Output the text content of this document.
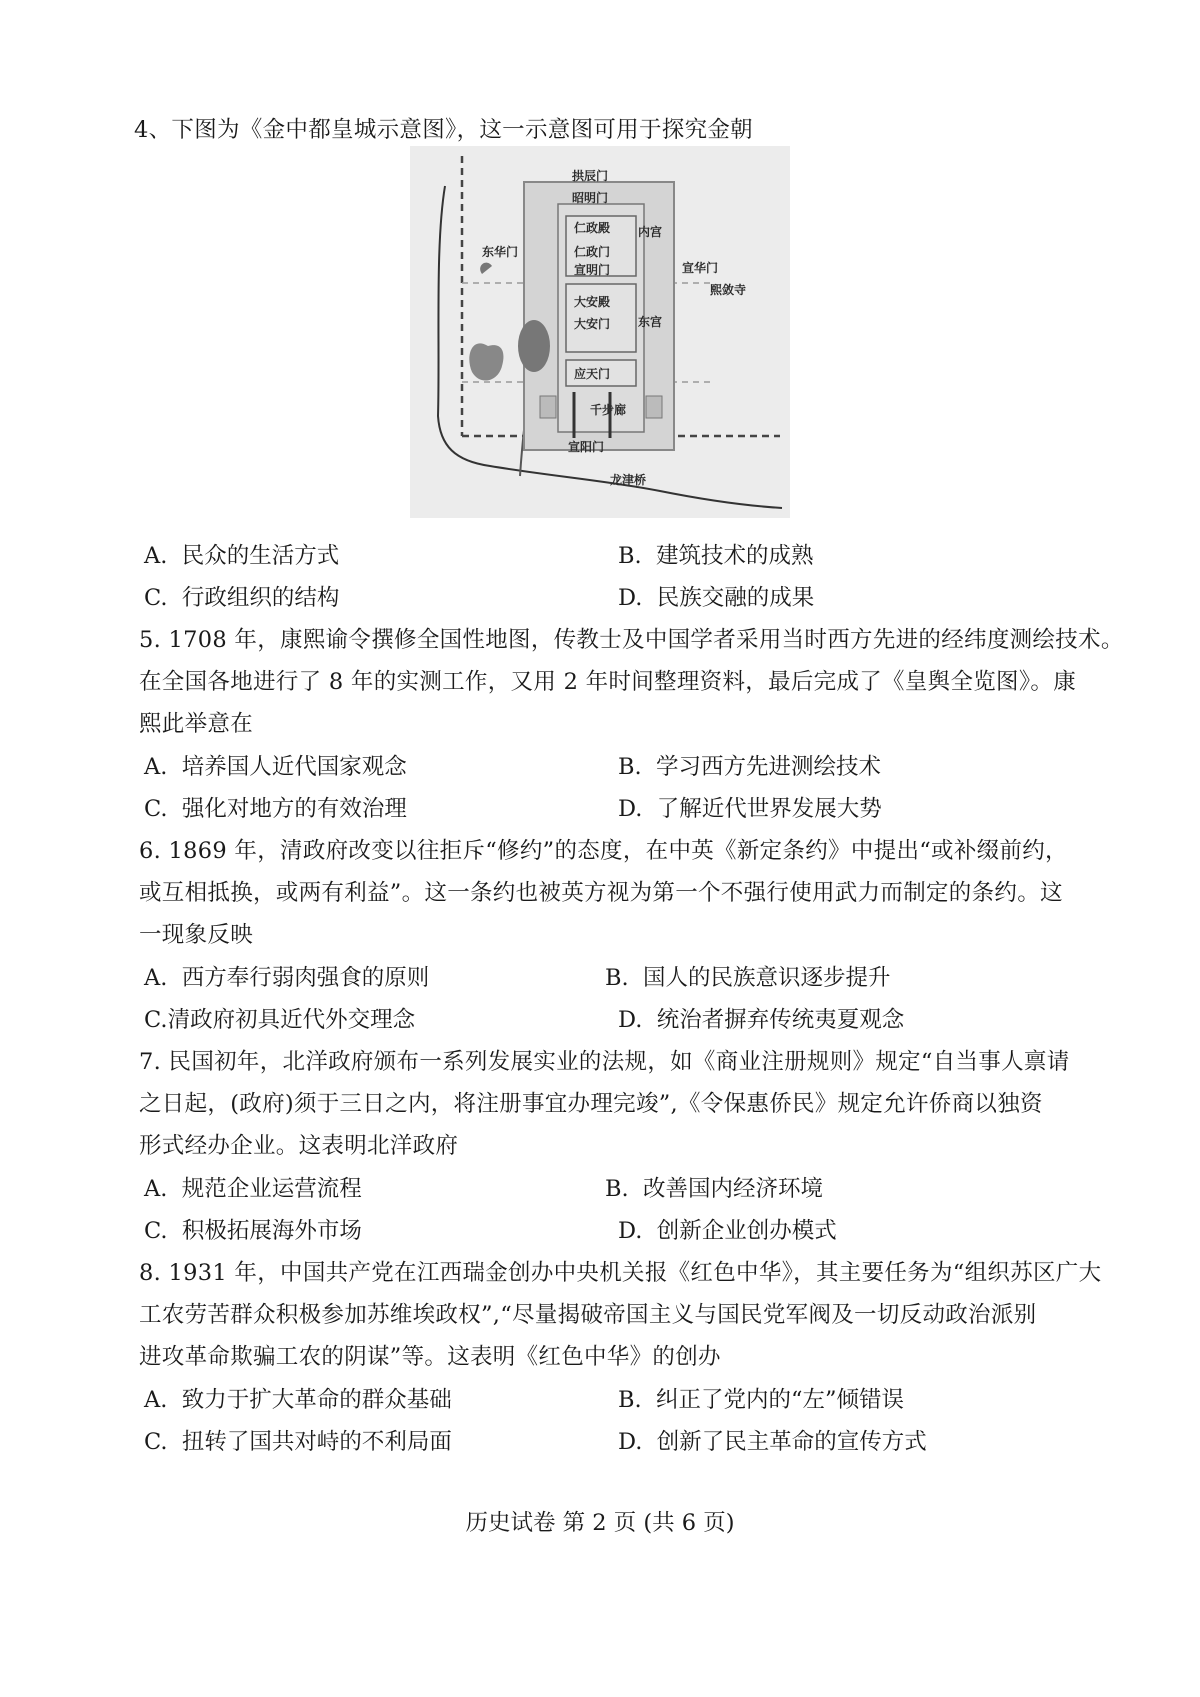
4、下图为《金中都皇城示意图》，这一示意图可用于探究金朝
拱辰门
昭明门
仁政殿
仁政门
宣明门
大安殿
大安门
应天门
宣阳门
龙津桥
内宫
东宫
东华门
宣华门
熙敛寺
千步廊
A. 民众的生活方式	B. 建筑技术的成熟
C. 行政组织的结构	D. 民族交融的成果
5. 1708 年，康熙谕令撰修全国性地图，传教士及中国学者采用当时西方先进的经纬度测绘技术。
在全国各地进行了 8 年的实测工作，又用 2 年时间整理资料，最后完成了《皇舆全览图》。康
熙此举意在
A. 培养国人近代国家观念	B. 学习西方先进测绘技术
C. 强化对地方的有效治理	D. 了解近代世界发展大势
6. 1869 年，清政府改变以往拒斥“修约”的态度，在中英《新定条约》中提出“或补缀前约，
或互相抵换，或两有利益”。这一条约也被英方视为第一个不强行使用武力而制定的条约。这
一现象反映
A. 西方奉行弱肉强食的原则	B. 国人的民族意识逐步提升
C.清政府初具近代外交理念	D. 统治者摒弃传统夷夏观念
7. 民国初年，北洋政府颁布一系列发展实业的法规，如《商业注册规则》规定“自当事人禀请
之日起，(政府)须于三日之内，将注册事宜办理完竣”,《令保惠侨民》规定允许侨商以独资
形式经办企业。这表明北洋政府
A. 规范企业运营流程	B. 改善国内经济环境
C. 积极拓展海外市场	D. 创新企业创办模式
8. 1931 年，中国共产党在江西瑞金创办中央机关报《红色中华》，其主要任务为“组织苏区广大
工农劳苦群众积极参加苏维埃政权”,“尽量揭破帝国主义与国民党军阀及一切反动政治派别
进攻革命欺骗工农的阴谋”等。这表明《红色中华》的创办
A. 致力于扩大革命的群众基础	B. 纠正了党内的“左”倾错误
C. 扭转了国共对峙的不利局面	D. 创新了民主革命的宣传方式
历史试卷 第 2 页 (共 6 页)
